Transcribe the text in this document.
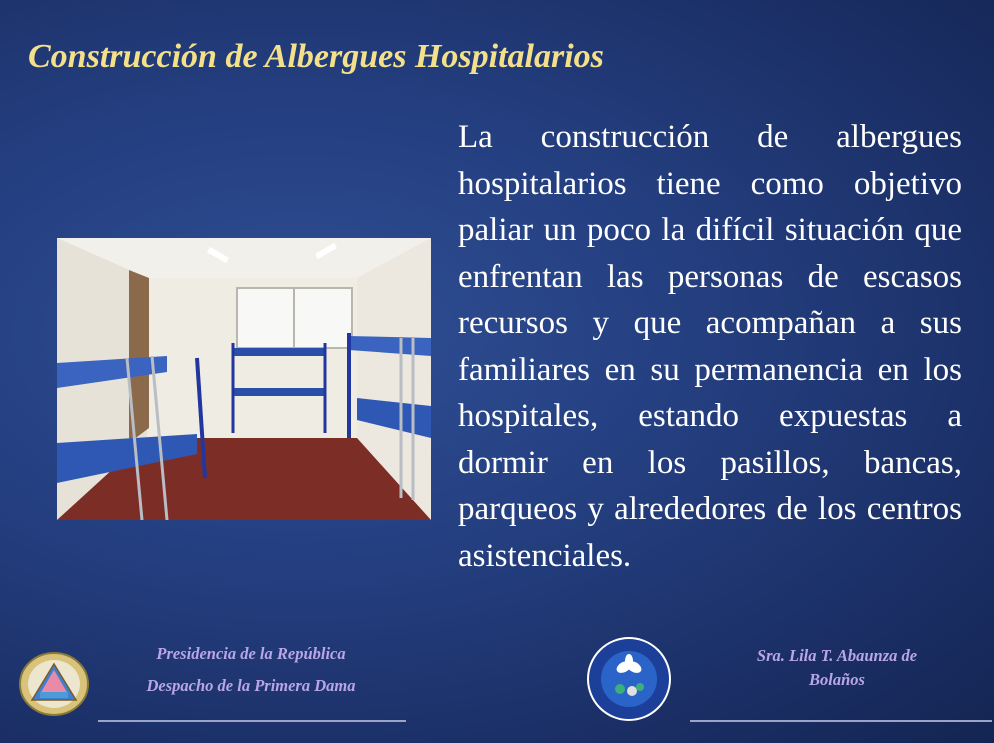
Construcción de Albergues Hospitalarios
La construcción de albergues hospitalarios tiene como objetivo paliar un poco la difícil situación que enfrentan las personas de escasos recursos y que acompañan a sus familiares en su permanencia en los hospitales, estando expuestas a dormir en los pasillos, bancas, parqueos y alrededores de los centros asistenciales.
Presidencia de la República
Despacho de la Primera Dama
Sra. Lila T. Abaunza de
Bolaños
